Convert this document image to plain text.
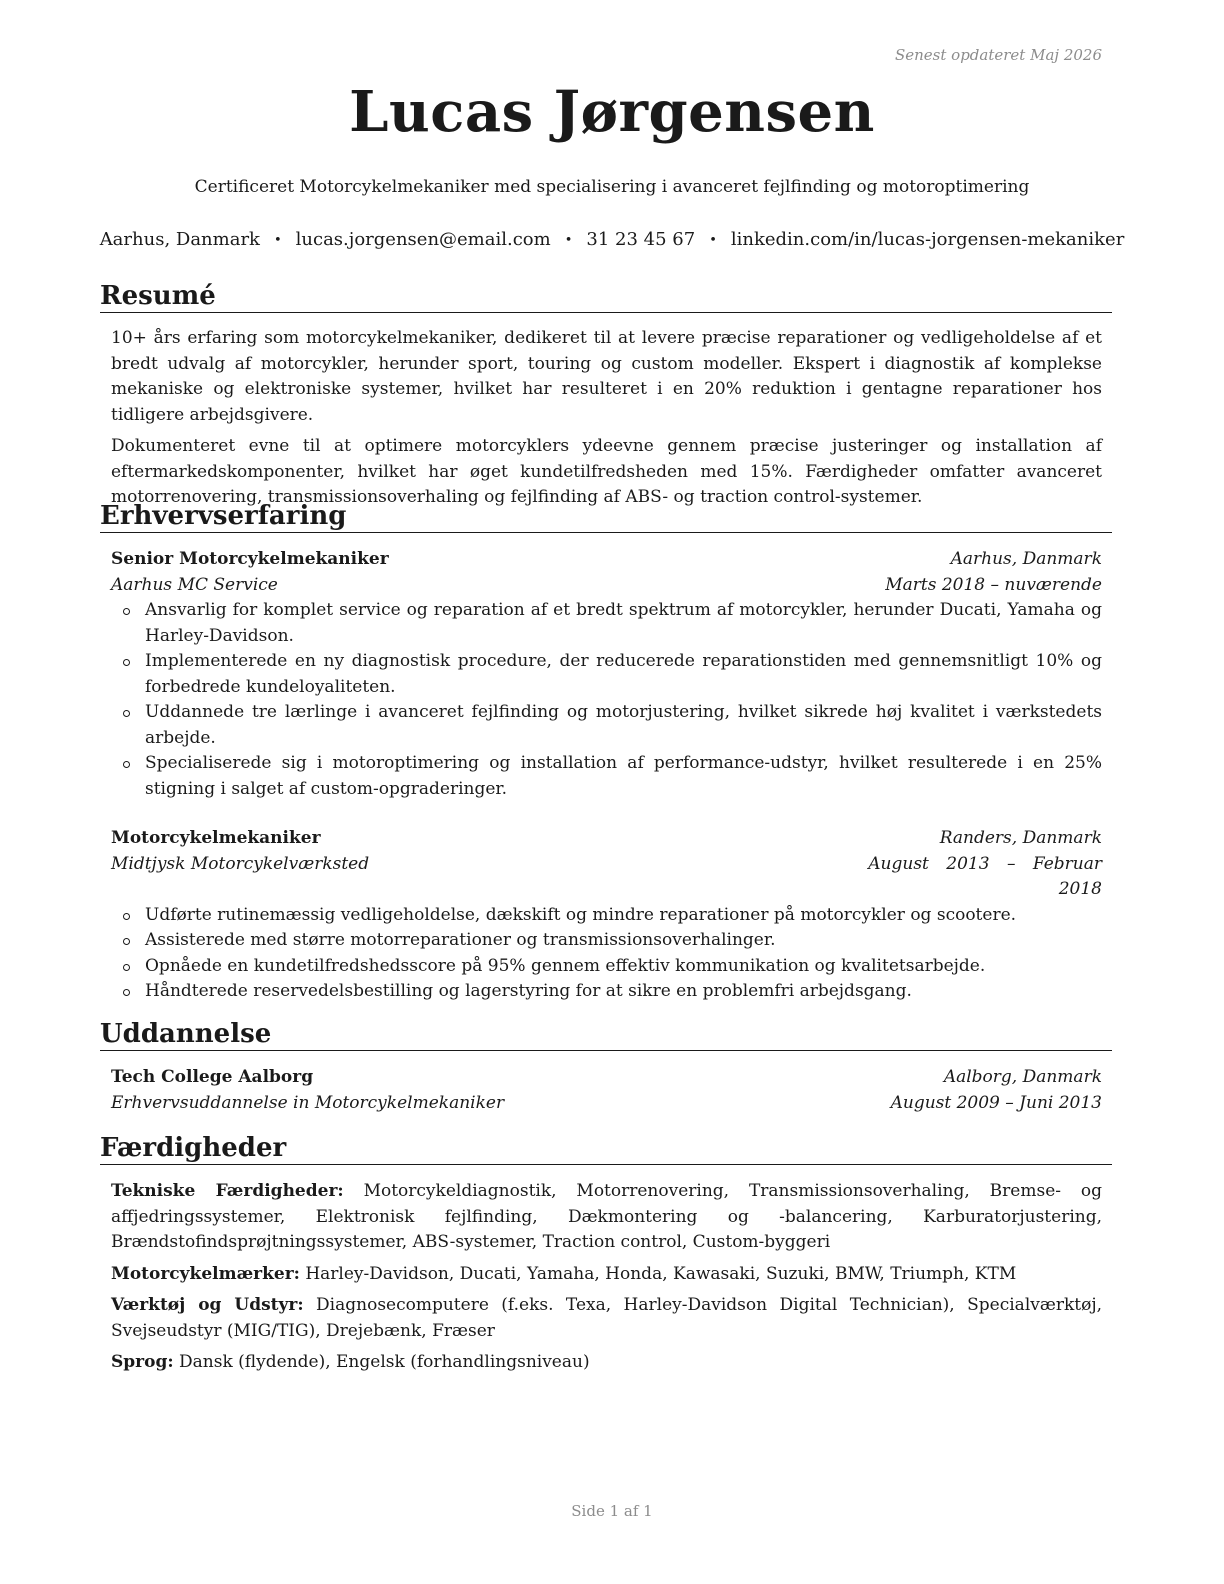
Senest opdateret Maj 2026
Lucas Jørgensen
Certificeret Motorcykelmekaniker med specialisering i avanceret fejlfinding og motoroptimering
Aarhus, Danmark • lucas.jorgensen@email.com • 31 23 45 67 • linkedin.com/in/lucas-jorgensen-mekaniker
Resumé

10+ års erfaring som motorcykelmekaniker, dedikeret til at levere præcise reparationer og vedligeholdelse af et bredt udvalg af motorcykler, herunder sport, touring og custom modeller. Ekspert i diagnostik af komplekse mekaniske og elektroniske systemer, hvilket har resulteret i en 20% reduktion i gentagne reparationer hos tidligere arbejdsgivere.

Dokumenteret evne til at optimere motorcyklers ydeevne gennem præcise justeringer og installation af eftermarkedskomponenter, hvilket har øget kundetilfredsheden med 15%. Færdigheder omfatter avanceret motorrenovering, transmissionsoverhaling og fejlfinding af ABS- og traction control-systemer.

Erhvervserfaring
Senior Motorcykelmekaniker	Aarhus, Danmark
Aarhus MC Service	Marts 2018 – nuværende
Ansvarlig for komplet service og reparation af et bredt spektrum af motorcykler, herunder Ducati, Yamaha og Harley-Davidson.
Implementerede en ny diagnostisk procedure, der reducerede reparationstiden med gennemsnitligt 10% og forbedrede kundeloyaliteten.
Uddannede tre lærlinge i avanceret fejlfinding og motorjustering, hvilket sikrede høj kvalitet i værkstedets arbejde.
Specialiserede sig i motoroptimering og installation af performance-udstyr, hvilket resulterede i en 25% stigning i salget af custom-opgraderinger.
Motorcykelmekaniker	Randers, Danmark
Midtjysk Motorcykelværksted	August 2013 – Februar
2018
Udførte rutinemæssig vedligeholdelse, dækskift og mindre reparationer på motorcykler og scootere.
Assisterede med større motorreparationer og transmissionsoverhalinger.
Opnåede en kundetilfredshedsscore på 95% gennem effektiv kommunikation og kvalitetsarbejde.
Håndterede reservedelsbestilling og lagerstyring for at sikre en problemfri arbejdsgang.
Uddannelse
Tech College Aalborg	Aalborg, Danmark
Erhvervsuddannelse in Motorcykelmekaniker	August 2009 – Juni 2013
Færdigheder

Tekniske Færdigheder: Motorcykeldiagnostik, Motorrenovering, Transmissionsoverhaling, Bremse- og affjedringssystemer, Elektronisk fejlfinding, Dækmontering og -balancering, Karburatorjustering, Brændstofindsprøjtningssystemer, ABS-systemer, Traction control, Custom-byggeri

Motorcykelmærker: Harley-Davidson, Ducati, Yamaha, Honda, Kawasaki, Suzuki, BMW, Triumph, KTM

Værktøj og Udstyr: Diagnosecomputere (f.eks. Texa, Harley-Davidson Digital Technician), Specialværktøj, Svejseudstyr (MIG/TIG), Drejebænk, Fræser

Sprog: Dansk (flydende), Engelsk (forhandlingsniveau)

Side 1 af 1
